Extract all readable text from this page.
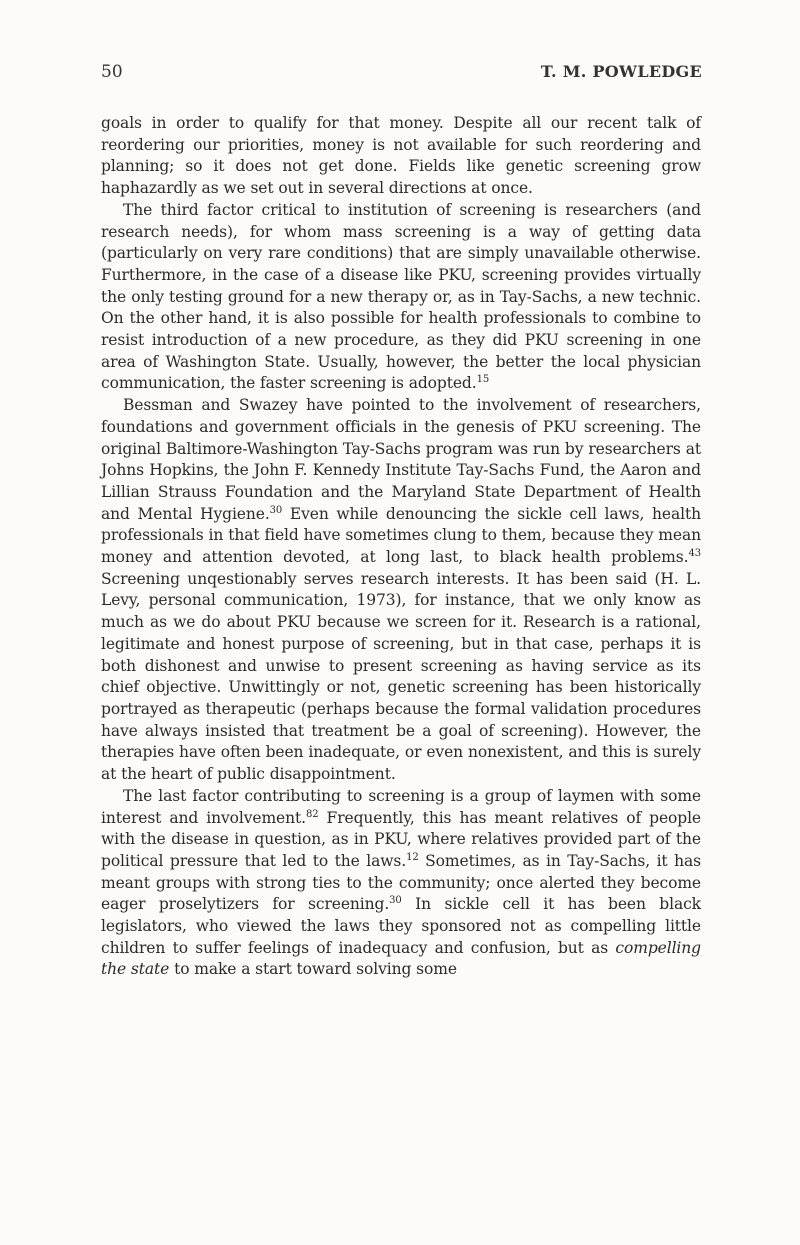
50	T. M. POWLEDGE

goals in order to qualify for that money. Despite all our recent talk of reordering our priorities, money is not available for such reordering and planning; so it does not get done. Fields like genetic screening grow haphazardly as we set out in several directions at once.

The third factor critical to institution of screening is researchers (and research needs), for whom mass screening is a way of getting data (particularly on very rare conditions) that are simply unavailable otherwise. Furthermore, in the case of a disease like PKU, screening provides virtually the only testing ground for a new therapy or, as in Tay-Sachs, a new technic. On the other hand, it is also possible for health professionals to combine to resist introduction of a new procedure, as they did PKU screening in one area of Washington State. Usually, however, the better the local physician communication, the faster screening is adopted.$^{15}$

Bessman and Swazey have pointed to the involvement of researchers, foundations and government officials in the genesis of PKU screening. The original Baltimore-Washington Tay-Sachs program was run by researchers at Johns Hopkins, the John F. Kennedy Institute Tay-Sachs Fund, the Aaron and Lillian Strauss Foundation and the Maryland State Department of Health and Mental Hygiene.$^{30}$ Even while denouncing the sickle cell laws, health professionals in that field have sometimes clung to them, because they mean money and attention devoted, at long last, to black health problems.$^{43}$ Screening unqestionably serves research interests. It has been said (H. L. Levy, personal communication, 1973), for instance, that we only know as much as we do about PKU because we screen for it. Research is a rational, legitimate and honest purpose of screening, but in that case, perhaps it is both dishonest and unwise to present screening as having service as its chief objective. Unwittingly or not, genetic screening has been historically portrayed as therapeutic (perhaps because the formal validation procedures have always insisted that treatment be a goal of screening). However, the therapies have often been inadequate, or even nonexistent, and this is surely at the heart of public disappointment.

The last factor contributing to screening is a group of laymen with some interest and involvement.$^{82}$ Frequently, this has meant relatives of people with the disease in question, as in PKU, where relatives provided part of the political pressure that led to the laws.$^{12}$ Sometimes, as in Tay-Sachs, it has meant groups with strong ties to the community; once alerted they become eager proselytizers for screening.$^{30}$ In sickle cell it has been black legislators, who viewed the laws they sponsored not as compelling little children to suffer feelings of inadequacy and confusion, but as compelling the state to make a start toward solving some
